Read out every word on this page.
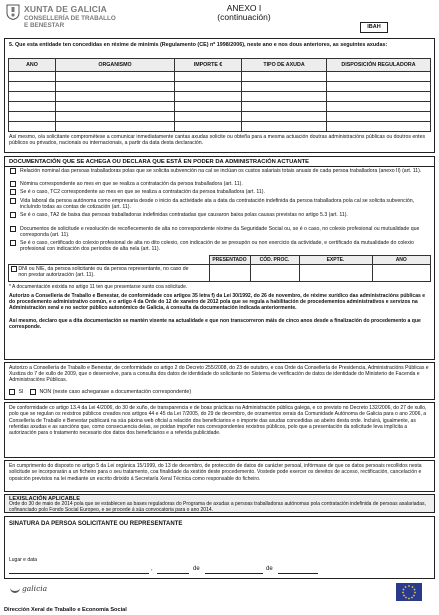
XUNTA DE GALICIA
CONSELLERÍA DE TRABALLO
E BENESTAR
ANEXO I
(continuación)
IBAH
5. Que esta entidade ten concedidas en réxime de minimis (Regulamento (CE) nº 1998/2006), neste ano e nos dous anteriores, as seguintes axudas:
ANO	ORGANISMO	IMPORTE €	TIPO DE AXUDA	DISPOSICIÓN REGULADORA

Así mesmo, o/a solicitante comprométese a comunicar inmediatamente cantas axudas solicite ou obteña para a mesma actuación doutras administracións públicas ou doutros entes públicos ou privados, nacionais ou internacionais, a partir da data desta declaración.
DOCUMENTACIÓN QUE SE ACHEGA OU DECLARA QUE ESTÁ EN PODER DA ADMINISTRACIÓN ACTUANTE
Relación nominal das persoas traballadoras polas que se solicita subvención na cal se inclúan os custos salariais totais anuais de cada persoa traballadora (anexo II) (art. 11).
Nómina correspondente ao mes en que se realiza a contratación da persoa traballadora (art. 11).
Se é o caso, TC2 correspondente ao mes en que se realiza a contratación da persoa traballadora (art. 11).
Vida laboral da persoa autónoma como empresaria desde o inicio da actividade ata a data da contratación indefinida da persoa traballadora pola cal se solicita subvención, incluíndo todas as contas de cotización (art. 11).
Se é o caso, TA2 de baixa das persoas traballadoras indefinidas contratadas que causaron baixa polas causas previstas no artigo 5.3 (art. 11).
Documentos de solicitude e resolución de recoñecemento de alta no correspondente réxime da Seguridade Social ou, se é o caso, no colexio profesional ou mutualidade que corresponda (art. 11).
Se é o caso, certificado do colexio profesional de alta no dito colexio, con indicación de se presupón ou non exercicio da actividade, e certificado da mutualidade do colexio profesional con indicación dos períodos de alta nela (art. 11).
	PRESENTADO	CÓD. PROC.	EXPTE.	ANO
DNI ou NIE, da persoa solicitante ou da persoa representante, no caso de non prestar autorización (art. 11).				
* A documentación exixida no artigo 11 ten que presentarse xunto coa solicitude.
Autorizo a Consellería de Traballo e Benestar, de conformidade cos artigos 35 letra f) da Lei 30/1992, do 26 de novembro, de réxime xurídico das administracións públicas e do procedemento administrativo común, e o artigo 4 da Orde do 12 de xaneiro de 2012 pola que se regula a habilitación de procedementos administrativos e servizos na Administración xeral e no sector público autonómico de Galicia, á consulta da documentación indicada anteriormente.
Así mesmo, declaro que a dita documentación se mantén vixente na actualidade e que non transcorreron máis de cinco anos desde a finalización do procedemento a que corresponde.
Autorizo a Consellería de Traballo e Benestar, de conformidade co artigo 2 do Decreto 255/2008, do 23 de outubro, e coa Orde da Consellería de Presidencia, Administracións Públicas e Xustiza do 7 de xullo de 2009, que o desenvolve, para a consulta dos datos de identidade do solicitante no Sistema de verificación de datos de identidade do Ministerio de Facenda e Administracións Públicas.
SI	NON (neste caso achegarase a documentación correspondente)
De conformidade co artigo 13.4 da Lei 4/2006, do 30 de xuño, de transparencia e de boas prácticas na Administración pública galega, e co previsto no Decreto 132/2006, do 27 de xullo, polo que se regulan os rexistros públicos creados nos artigos 44 e 45 da Lei 7/2005, do 29 de decembro, de orzamentos xerais da Comunidade Autónoma de Galicia para o ano 2006, a Consellería de Traballo e Benestar publicará na súa páxina web oficial a relación dos beneficiarios e o importe das axudas concedidas ao abeiro desta orde. Incluirá, igualmente, as referidas axudas e as sancións que, como consecuencia delas, se poidan impoñer nos correspondentes rexistros públicos, polo que a presentación da solicitude leva implícita a autorización para o tratamento necesario dos datos dos beneficiarios e a referida publicidade.
En cumprimento do disposto no artigo 5 da Lei orgánica 15/1999, do 13 de decembro, de protección de datos de carácter persoal, infórmase de que os datos persoais recollidos nesta solicitude se incorporarán a un ficheiro para o seu tratamento, coa finalidade da xestión deste procedemento. Vostede pode exercer os dereitos de acceso, rectificación, cancelación e oposición previstos na lei mediante un escrito dirixido á Secretaría Xeral Técnica como responsable do ficheiro.
LEXISLACIÓN APLICABLE
Orde do 30 de maio de 2014 pola que se establecen as bases reguladoras do Programa de axudas a persoas traballadoras autónomas pola contratación indefinida de persoas asalariadas, cofinanciado polo Fondo Social Europeo, e se procede á súa convocatoria para o ano 2014.
SINATURA DA PERSOA SOLICITANTE OU REPRESENTANTE
Lugar e data
,	de	de
galicia
Dirección Xeral de Traballo e Economía Social
